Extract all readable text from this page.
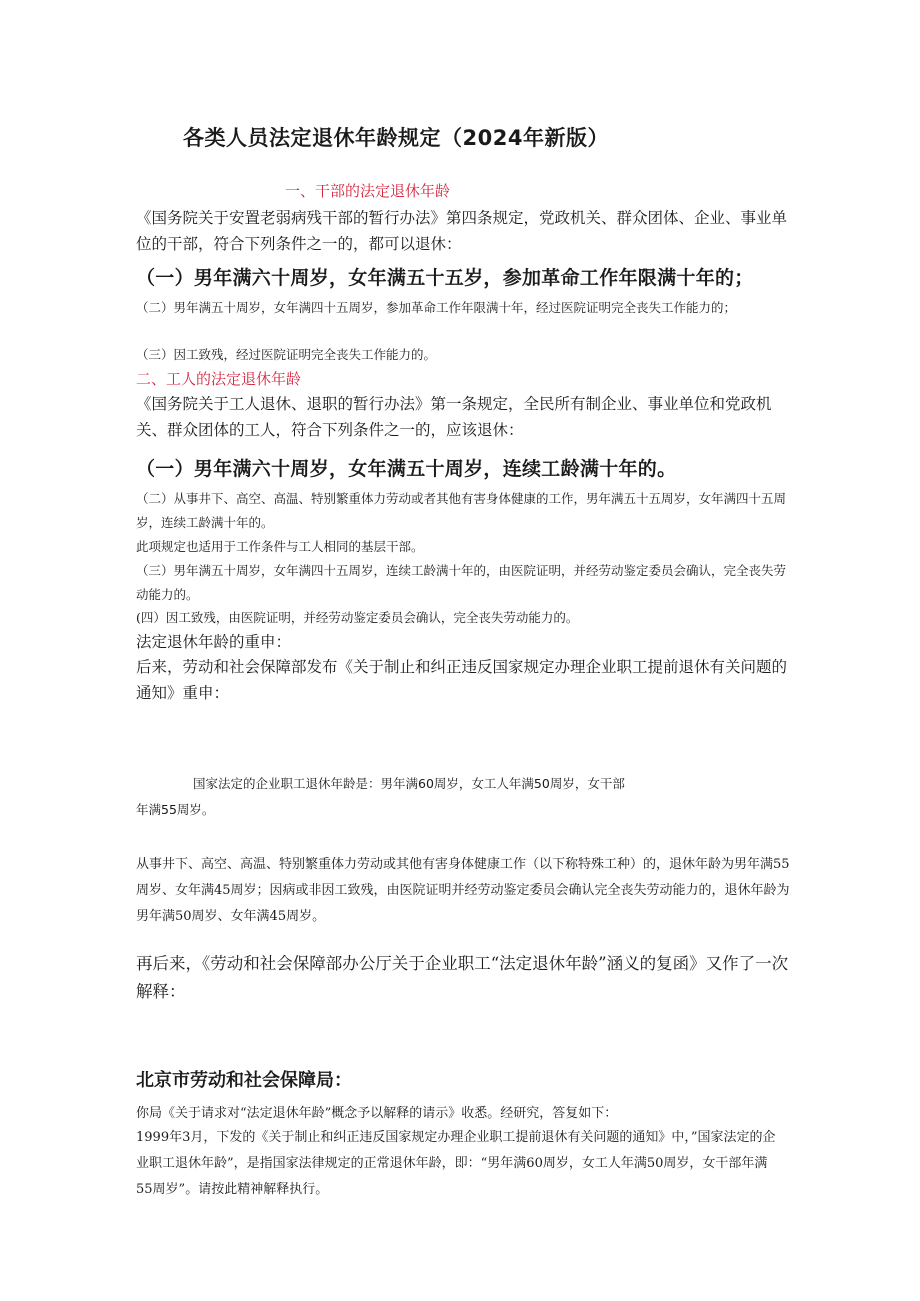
各类人员法定退休年龄规定（2024年新版）

一、干部的法定退休年龄

《国务院关于安置老弱病残干部的暂行办法》第四条规定，党政机关、群众团体、企业、事业单位的干部，符合下列条件之一的，都可以退休：

（一）男年满六十周岁，女年满五十五岁，参加革命工作年限满十年的；

（二）男年满五十周岁，女年满四十五周岁，参加革命工作年限满十年，经过医院证明完全丧失工作能力的；

（三）因工致残，经过医院证明完全丧失工作能力的。

二、工人的法定退休年龄

《国务院关于工人退休、退职的暂行办法》第一条规定，全民所有制企业、事业单位和党政机关、群众团体的工人，符合下列条件之一的，应该退休：

（一）男年满六十周岁，女年满五十周岁，连续工龄满十年的。

（二）从事井下、高空、高温、特别繁重体力劳动或者其他有害身体健康的工作，男年满五十五周岁，女年满四十五周岁，连续工龄满十年的。

此项规定也适用于工作条件与工人相同的基层干部。

（三）男年满五十周岁，女年满四十五周岁，连续工龄满十年的，由医院证明，并经劳动鉴定委员会确认，完全丧失劳动能力的。

(四）因工致残，由医院证明，并经劳动鉴定委员会确认，完全丧失劳动能力的。

法定退休年龄的重申：

后来，劳动和社会保障部发布《关于制止和纠正违反国家规定办理企业职工提前退休有关问题的通知》重申：

国家法定的企业职工退休年龄是：男年满60周岁，女工人年满50周岁，女干部

年满55周岁。

从事井下、高空、高温、特别繁重体力劳动或其他有害身体健康工作（以下称特殊工种）的，退休年龄为男年满55周岁、女年满45周岁；因病或非因工致残，由医院证明并经劳动鉴定委员会确认完全丧失劳动能力的，退休年龄为男年满50周岁、女年满45周岁。

再后来，《劳动和社会保障部办公厅关于企业职工“法定退休年龄”涵义的复函》又作了一次解释：

北京市劳动和社会保障局：

你局《关于请求对“法定退休年龄”概念予以解释的请示》收悉。经研究，答复如下：

1999年3月，下发的《关于制止和纠正违反国家规定办理企业职工提前退休有关问题的通知》中，”国家法定的企业职工退休年龄”，是指国家法律规定的正常退休年龄，即：“男年满60周岁，女工人年满50周岁，女干部年满55周岁”。请按此精神解释执行。
